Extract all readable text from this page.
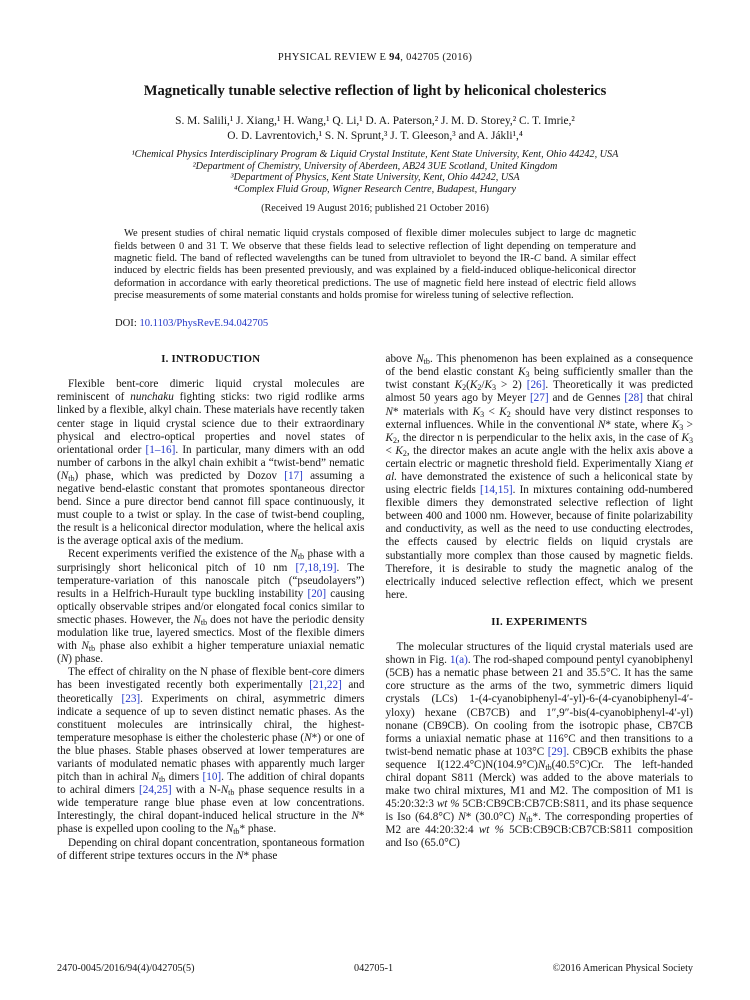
PHYSICAL REVIEW E 94, 042705 (2016)
Magnetically tunable selective reflection of light by heliconical cholesterics
S. M. Salili,¹ J. Xiang,¹ H. Wang,¹ Q. Li,¹ D. A. Paterson,² J. M. D. Storey,² C. T. Imrie,²
O. D. Lavrentovich,¹ S. N. Sprunt,³ J. T. Gleeson,³ and A. Jákli¹,⁴
¹Chemical Physics Interdisciplinary Program & Liquid Crystal Institute, Kent State University, Kent, Ohio 44242, USA
²Department of Chemistry, University of Aberdeen, AB24 3UE Scotland, United Kingdom
³Department of Physics, Kent State University, Kent, Ohio 44242, USA
⁴Complex Fluid Group, Wigner Research Centre, Budapest, Hungary
(Received 19 August 2016; published 21 October 2016)
We present studies of chiral nematic liquid crystals composed of flexible dimer molecules subject to large dc magnetic fields between 0 and 31 T. We observe that these fields lead to selective reflection of light depending on temperature and magnetic field. The band of reflected wavelengths can be tuned from ultraviolet to beyond the IR-C band. A similar effect induced by electric fields has been presented previously, and was explained by a field-induced oblique-heliconical director deformation in accordance with early theoretical predictions. The use of magnetic field here instead of electric field allows precise measurements of some material constants and holds promise for wireless tuning of selective reflection.
DOI: 10.1103/PhysRevE.94.042705
I. INTRODUCTION

Flexible bent-core dimeric liquid crystal molecules are reminiscent of nunchaku fighting sticks: two rigid rodlike arms linked by a flexible, alkyl chain. These materials have recently taken center stage in liquid crystal science due to their extraordinary physical and electro-optical properties and novel states of orientational order [1–16]. In particular, many dimers with an odd number of carbons in the alkyl chain exhibit a “twist-bend” nematic $(N_{tb})$ phase, which was predicted by Dozov [17] assuming a negative bend-elastic constant that promotes spontaneous director bend. Since a pure director bend cannot fill space continuously, it must couple to a twist or splay. In the case of twist-bend coupling, the result is a heliconical director modulation, where the helical axis is the average optical axis of the medium.

Recent experiments verified the existence of the $N_{tb}$ phase with a surprisingly short heliconical pitch of 10 nm [7,18,19]. The temperature-variation of this nanoscale pitch (“pseudolayers”) results in a Helfrich-Hurault type buckling instability [20] causing optically observable stripes and/or elongated focal conics similar to smectic phases. However, the $N_{tb}$ does not have the periodic density modulation like true, layered smectics. Most of the flexible dimers with $N_{tb}$ phase also exhibit a higher temperature uniaxial nematic (N) phase.

The effect of chirality on the N phase of flexible bent-core dimers has been investigated recently both experimentally [21,22] and theoretically [23]. Experiments on chiral, asymmetric dimers indicate a sequence of up to seven distinct nematic phases. As the constituent molecules are intrinsically chiral, the highest-temperature mesophase is either the cholesteric phase (N*) or one of the blue phases. Stable phases observed at lower temperatures are variants of modulated nematic phases with apparently much larger pitch than in achiral $N_{tb}$ dimers [10]. The addition of chiral dopants to achiral dimers [24,25] with a $N-N_{tb}$ phase sequence results in a wide temperature range blue phase even at low concentrations. Interestingly, the chiral dopant-induced helical structure in the N* phase is expelled upon cooling to the $N_{tb}*$ phase.

Depending on chiral dopant concentration, spontaneous formation of different stripe textures occurs in the N* phase

above $N_{tb}$. This phenomenon has been explained as a consequence of the bend elastic constant $K_3$ being sufficiently smaller than the twist constant $K_2(K_2/K_3 > 2)$ [26]. Theoretically it was predicted almost 50 years ago by Meyer [27] and de Gennes [28] that chiral N* materials with $K_3 < K_2$ should have very distinct responses to external influences. While in the conventional N* state, where $K_3 > K_2$, the director n is perpendicular to the helix axis, in the case of $K_3 < K_2$, the director makes an acute angle with the helix axis above a certain electric or magnetic threshold field. Experimentally Xiang et al. have demonstrated the existence of such a heliconical state by using electric fields [14,15]. In mixtures containing odd-numbered flexible dimers they demonstrated selective reflection of light between 400 and 1000 nm. However, because of finite polarizability and conductivity, as well as the need to use conducting electrodes, the effects caused by electric fields on liquid crystals are substantially more complex than those caused by magnetic fields. Therefore, it is desirable to study the magnetic analog of the electrically induced selective reflection effect, which we present here.

II. EXPERIMENTS

The molecular structures of the liquid crystal materials used are shown in Fig. 1(a). The rod-shaped compound pentyl cyanobiphenyl (5CB) has a nematic phase between 21 and 35.5°C. It has the same core structure as the arms of the two, symmetric dimers liquid crystals (LCs) 1-(4-cyanobiphenyl-4′-yl)-6-(4-cyanobiphenyl-4′-yloxy) hexane (CB7CB) and 1″,9″-bis(4-cyanobiphenyl-4′-yl) nonane (CB9CB). On cooling from the isotropic phase, CB7CB forms a uniaxial nematic phase at 116°C and then transitions to a twist-bend nematic phase at 103°C [29]. CB9CB exhibits the phase sequence $I(122.4^\circ C)N(104.9^\circ C)N_{tb}(40.5^\circ C)Cr$. The left-handed chiral dopant S811 (Merck) was added to the above materials to make two chiral mixtures, M1 and M2. The composition of M1 is 45:20:32:3 wt % 5CB:CB9CB:CB7CB:S811, and its phase sequence is Iso (64.8°C) N* (30.0°C) $N_{tb}*$. The corresponding properties of M2 are 44:20:32:4 wt % 5CB:CB9CB:CB7CB:S811 composition and Iso (65.0°C)

2470-0045/2016/94(4)/042705(5)	042705-1	©2016 American Physical Society
